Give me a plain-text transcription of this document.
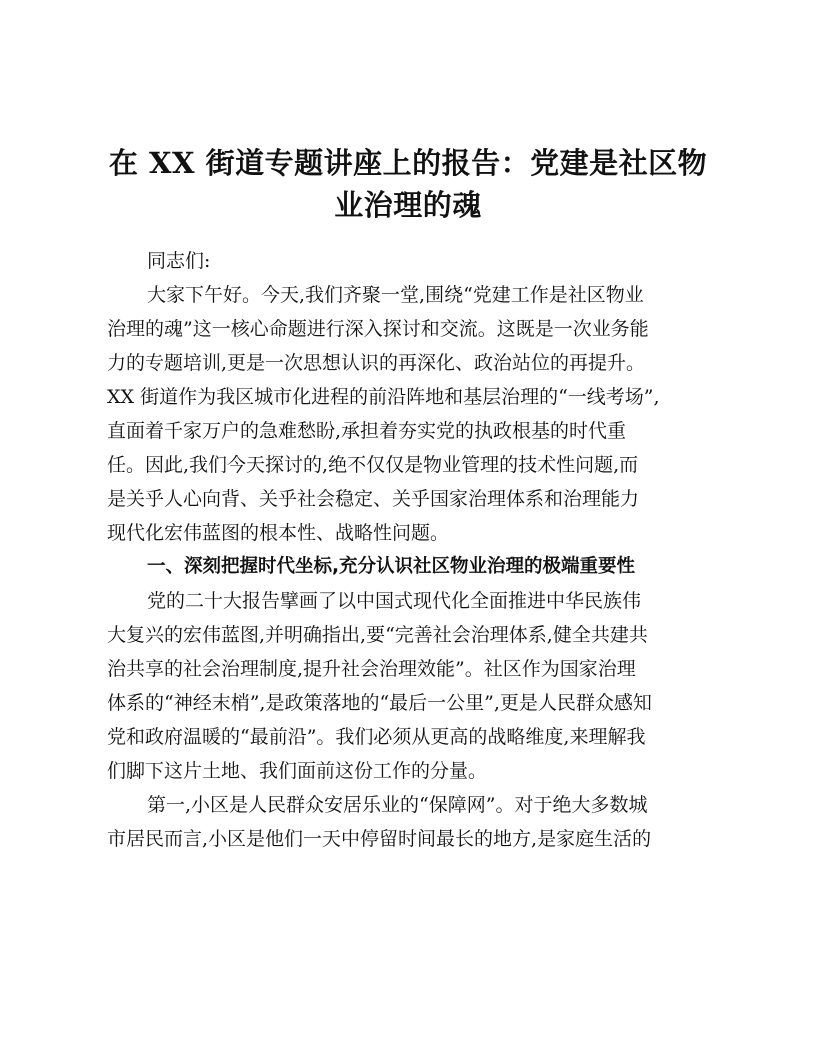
在 XX 街道专题讲座上的报告：党建是社区物
业治理的魂
同志们:
大家下午好。今天,我们齐聚一堂,围绕“党建工作是社区物业
治理的魂”这一核心命题进行深入探讨和交流。这既是一次业务能
力的专题培训,更是一次思想认识的再深化、政治站位的再提升。
XX 街道作为我区城市化进程的前沿阵地和基层治理的“一线考场”,
直面着千家万户的急难愁盼,承担着夯实党的执政根基的时代重
任。因此,我们今天探讨的,绝不仅仅是物业管理的技术性问题,而
是关乎人心向背、关乎社会稳定、关乎国家治理体系和治理能力
现代化宏伟蓝图的根本性、战略性问题。
一、深刻把握时代坐标,充分认识社区物业治理的极端重要性
党的二十大报告擘画了以中国式现代化全面推进中华民族伟
大复兴的宏伟蓝图,并明确指出,要“完善社会治理体系,健全共建共
治共享的社会治理制度,提升社会治理效能”。社区作为国家治理
体系的“神经末梢”,是政策落地的“最后一公里”,更是人民群众感知
党和政府温暖的“最前沿”。我们必须从更高的战略维度,来理解我
们脚下这片土地、我们面前这份工作的分量。
第一,小区是人民群众安居乐业的“保障网”。对于绝大多数城
市居民而言,小区是他们一天中停留时间最长的地方,是家庭生活的
